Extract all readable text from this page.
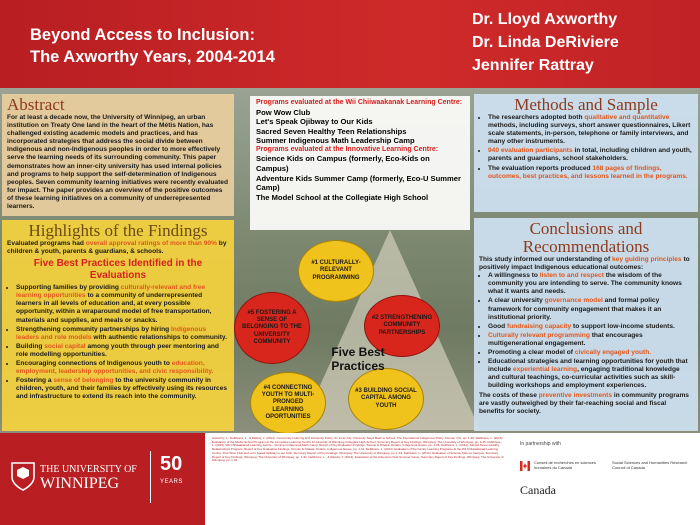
Beyond Access to Inclusion:
The Axworthy Years, 2004-2014
Dr. Lloyd Axworthy
Dr. Linda DeRiviere
Jennifer Rattray
Abstract
For at least a decade now, the University of Winnipeg, an urban institution on Treaty One land in the heart of the Métis Nation, has challenged existing academic models and practices, and has incorporated strategies that address the social divide between Indigenous and non-Indigenous peoples in order to more effectively serve the learning needs of its surrounding community. This paper demonstrates how an inner-city university has used internal policies and programs to help support the self-determination of Indigenous peoples. Seven community learning initiatives were recently evaluated for impact. The paper provides an overview of the positive outcomes of these learning initiatives on a community of underrepresented learners.
Programs evaluated at the Wii Chiiwaakanak Learning Centre:
Pow Wow Club
Let's Speak Ojibway to Our Kids
Sacred Seven Healthy Teen Relationships
Summer Indigenous Math Leadership Camp
Programs evaluated at the Innovative Learning Centre:
Science Kids on Campus (formerly, Eco-Kids on Campus)
Adventure Kids Summer Camp (formerly, Eco-U Summer Camp)
The Model School at the Collegiate High School
Methods and Sample
• The researchers adopted both qualitative and quantitative methods, including surveys, short answer questionnaires, Likert scale statements, in-person, telephone or family interviews, and many other instruments.
• 940 evaluation participants in total, including children and youth, parents and guardians, school stakeholders.
• The evaluation reports produced 168 pages of findings, outcomes, best practices, and lessons learned in the programs.
Highlights of the Findings
Evaluated programs had overall approval ratings of more than 90% by children & youth, parents & guardians, & schools.
Five Best Practices Identified in the Evaluations
• Supporting families by providing culturally-relevant and free learning opportunities to a community of underrepresented learners in all levels of education and, at every possible opportunity, within a wraparound model of free transportation, materials and supplies, and meals or snacks.
• Strengthening community partnerships by hiring Indigenous leaders and role models with authentic relationships to community.
• Building social capital among youth through peer mentoring and role modelling opportunities.
• Encouraging connections of Indigenous youth to education, employment, leadership opportunities, and civic responsibility.
• Fostering a sense of belonging to the university community in children, youth, and their families by effectively using its resources and infrastructure to extend its reach into the community.
#1 CULTURALLY-RELEVANT PROGRAMMING
#2 STRENGTHENING COMMUNITY PARTNERSHIPS
#3 BUILDING SOCIAL CAPITAL AMONG YOUTH
#4 CONNECTING YOUTH TO MULTI-PRONGED LEARNING OPORTUNITIES
#5 FOSTERING A SENSE OF BELONGING TO THE UNIVERSITY COMMUNITY
Five Best Practices
Conclusions and Recommendations
This study informed our understanding of key guiding principles to positively impact Indigenous educational outcomes:
• A willingness to listen to and respect the wisdom of the community you are intending to serve. The community knows what it wants and needs.
• A clear university governance model and formal policy framework for community engagement that makes it an institutional priority.
• Good fundraising capacity to support low-income students.
• Culturally relevant programming that encourages multigenerational engagement.
• Promoting a clear model of civically engaged youth.
• Educational strategies and learning opportunities for youth that include experiential learning, engaging traditional knowledge and cultural teachings, co-curricular activities such as skill-building workshops and employment experiences.
The costs of these preventive investments in community programs are vastly outweighed by their far-reaching social and fiscal benefits for society.
THE UNIVERSITY OF
WINNIPEG
50
YEARS
Axworthy, L., DeRiviere, L., & Rattray, J. (2014). Community Learning and University Policy: An Inner-City University Steps Back to School. The International Indigenous Policy Journal, 7(1), pp. 1-20. DeRiviere, L. (2015). Evaluation of the Model School Program at the Innovative Learning Centre & University of Winnipeg Collegiate High School: Summary Report of Key Findings. Winnipeg: The University of Winnipeg, pp. 1-45. DeRiviere, L. (2015). Wii Chiiwaakanak Learning Centre - Summer Indigenous Math Camp: Report of Key Evaluation Findings. Toronto & Ottawa: Ontario, Indigenous Issues, pp. 1-35. DeRiviere, L. (2014). Sacred Seven Healthy Relationships Program: Report of Key Evaluation Findings. Toronto & Ottawa: Ontario, Indigenous Issues, pp. 1-41. DeRiviere, L. (2014). Evaluation of the Family Learning Programs at the Wii Chiiwaakanak Learning Centre: Pow Wow Club and Let's Speak Ojibway to our Kids. Summary Report of Key Findings. Winnipeg: The University of Winnipeg, pp. 1-43. DeRiviere, L. (2014). Evaluation of Science Kids on Campus: Summary Report of Key Findings. Winnipeg: The University of Winnipeg, pp. 1-31. DeRiviere, L., & Rattray, J. (2014). Evaluation of the Adventure Kids Summer Camp. Summary Report of Key Findings. Winnipeg: The University of Winnipeg, pp. 1-32.
In partnership with
Conseil de recherches en sciences humaines du Canada
Social Sciences and Humanities Research Council of Canada
Canada
